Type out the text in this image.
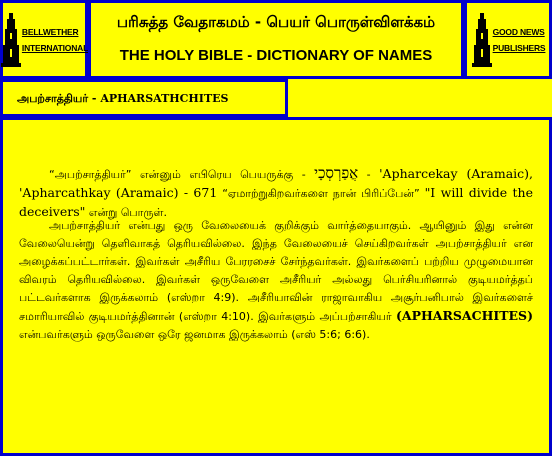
BELLWETHER
INTERNATIONAL
பரிசுத்த வேதாகமம் - பெயர் பொருள்விளக்கம்
THE HOLY BIBLE - DICTIONARY OF NAMES
GOOD NEWS
PUBLISHERS
அபற்சாத்தியர் - APHARSATHCHITES
“அபற்சாத்தியர்” என்னும் எபிரெய பெயருக்கு - אֲפַרְסְכָי - 'Apharcekay (Aramaic), 'Apharcathkay (Aramaic) - 671 “ஏமாற்றுகிறவர்களை நான் பிரிப்பேன்” "I will divide the deceivers" என்று பொருள்.
அபற்சாத்தியர் என்பது ஒரு வேலையைக் குறிக்கும் வார்த்தையாகும். ஆயினும் இது என்ன வேலையென்று தெளிவாகத் தெரியவில்லை. இந்த வேலையைச் செய்கிறவர்கள் அபற்சாத்தியர் என அழைக்கப்பட்டார்கள். இவர்கள் அசீரிய பேரரசைச் சேர்ந்தவர்கள். இவர்களைப் பற்றிய முழுமையான விவரம் தெரியவில்லை. இவர்கள் ஒருவேளை அசீரியர் அல்லது பெர்சியரினால் குடியமர்த்தப் பட்டவர்களாக இருக்கலாம் (எஸ்றா 4:9). அசீரியாவின் ராஜாவாகிய அசூர்பனிபால் இவர்களைச் சமாரியாவில் குடியமர்த்தினான் (எஸ்றா 4:10). இவர்களும் அப்பற்சாகியர் (APHARSACHITES) என்பவர்களும் ஒருவேளை ஒரே ஜனமாக இருக்கலாம் (எஸ் 5:6; 6:6).
